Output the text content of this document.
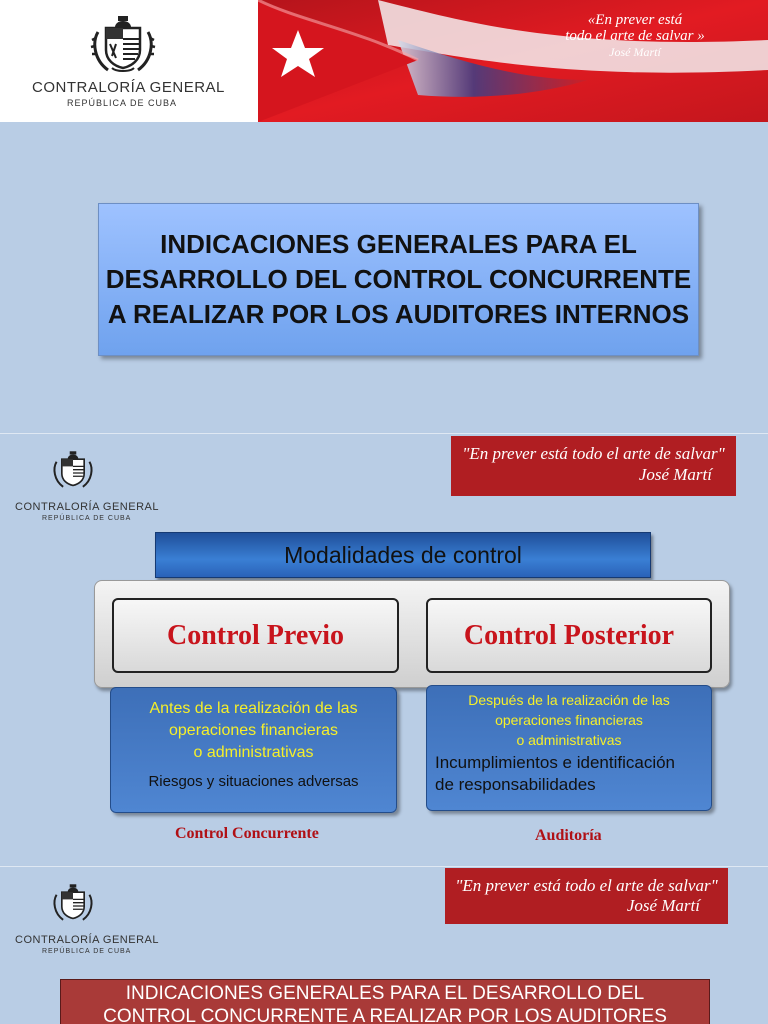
CONTRALORÍA GENERAL
REPÚBLICA DE CUBA
«En prever está
todo el arte de salvar »
José Martí
INDICACIONES GENERALES PARA EL DESARROLLO DEL CONTROL CONCURRENTE A REALIZAR POR LOS AUDITORES INTERNOS
CONTRALORÍA GENERAL
REPÚBLICA DE CUBA
"En prever está todo el arte de salvar"
José Martí
Modalidades de control
Control Previo	Control Posterior
Antes de la realización de las
operaciones financieras
o administrativas
Riesgos y situaciones adversas
Después de la realización de las
operaciones financieras
o administrativas
Incumplimientos e identificación
de responsabilidades
Control Concurrente	Auditoría
CONTRALORÍA GENERAL
REPÚBLICA DE CUBA
"En prever está todo el arte de salvar"
José Martí
INDICACIONES GENERALES PARA EL DESARROLLO DEL
CONTROL CONCURRENTE A REALIZAR POR LOS AUDITORES
